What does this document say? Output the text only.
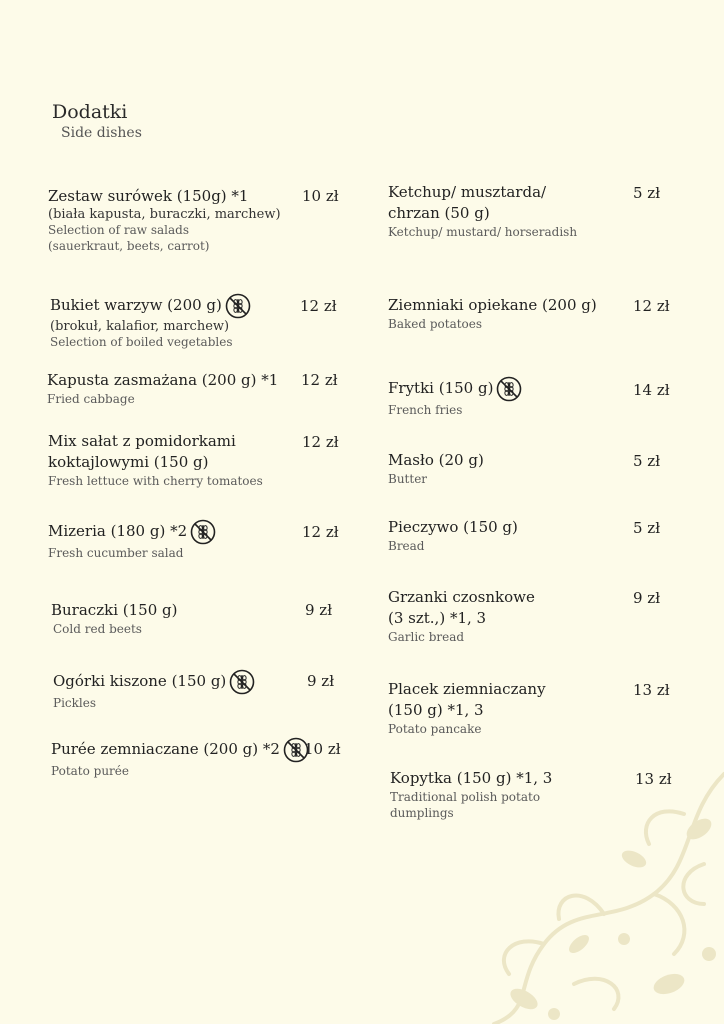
Dodatki
Side dishes
Zestaw surówek (150g) *1
(biała kapusta, buraczki, marchew)
Selection of raw salads
(sauerkraut, beets, carrot)
10 zł
Bukiet warzyw (200 g)
(brokuł, kalafior, marchew)
Selection of boiled vegetables
12 zł
Kapusta zasmażana (200 g) *1
Fried cabbage
12 zł
Mix sałat z pomidorkami
koktajlowymi (150 g)
Fresh lettuce with cherry tomatoes
12 zł
Mizeria (180 g) *2
Fresh cucumber salad
12 zł
Buraczki (150 g)
Cold red beets
9 zł
Ogórki kiszone (150 g)
Pickles
9 zł
Purée zemniaczane (200 g) *2
Potato purée
10 zł
Ketchup/ musztarda/
chrzan (50 g)
Ketchup/ mustard/ horseradish
5 zł
Ziemniaki opiekane (200 g)
Baked potatoes
12 zł
Frytki (150 g)
French fries
14 zł
Masło (20 g)
Butter
5 zł
Pieczywo (150 g)
Bread
5 zł
Grzanki czosnkowe
(3 szt.,) *1, 3
Garlic bread
9 zł
Placek ziemniaczany
(150 g) *1, 3
Potato pancake
13 zł
Kopytka (150 g) *1, 3
Traditional polish potato
dumplings
13 zł
